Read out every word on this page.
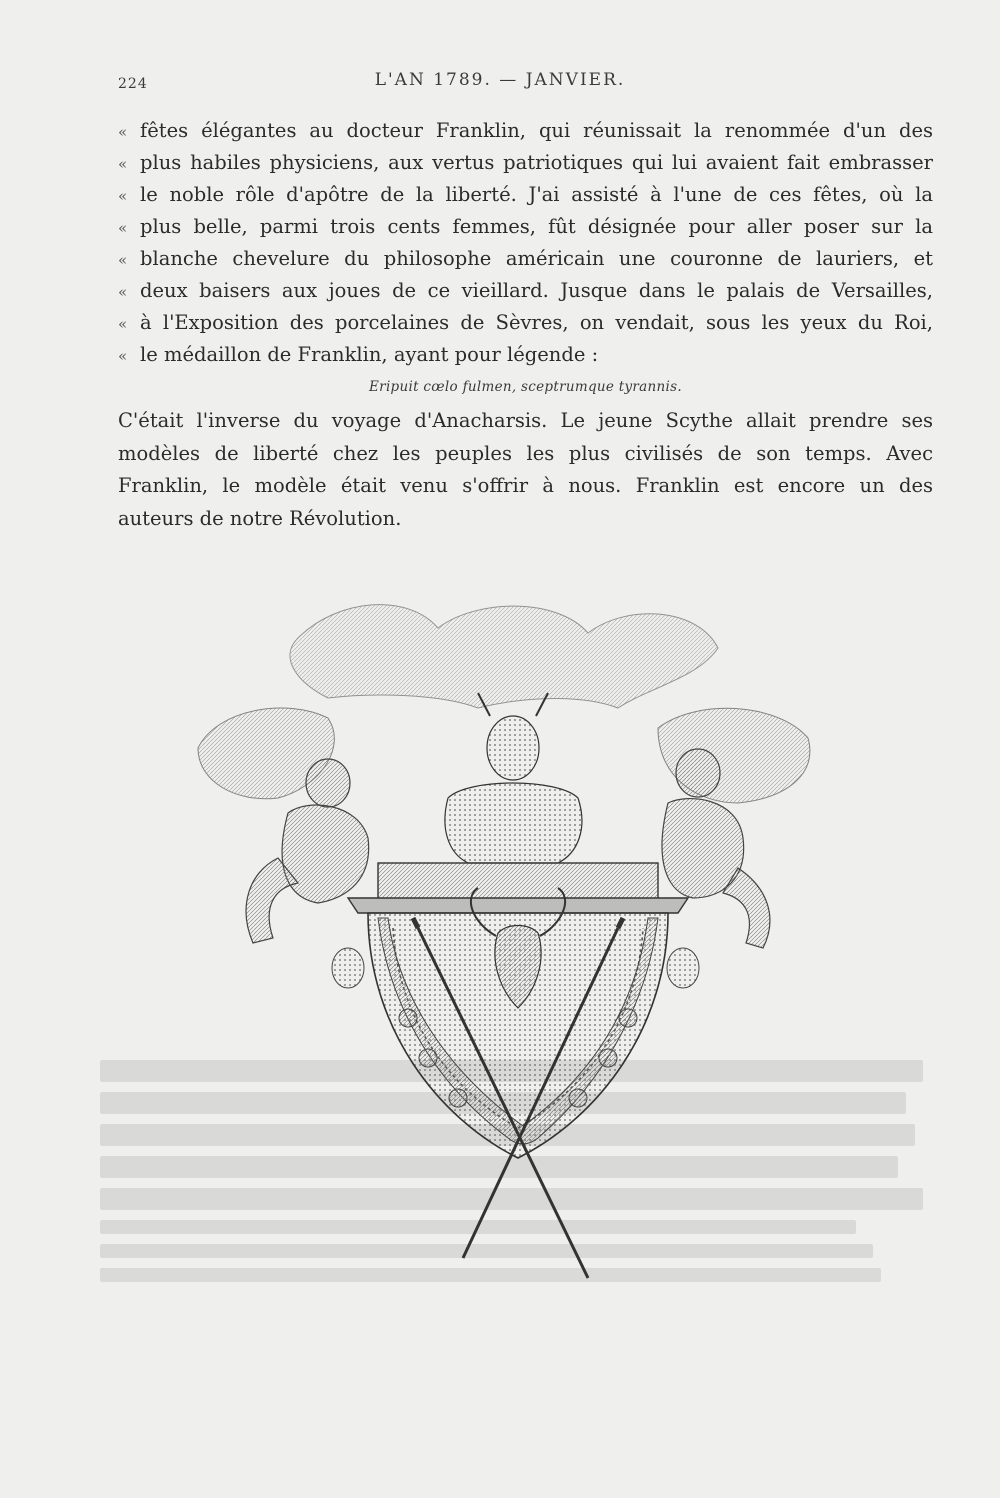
224	L'AN 1789. — JANVIER.
« fêtes élégantes au docteur Franklin, qui réunissait la renommée d'un des
« plus habiles physiciens, aux vertus patriotiques qui lui avaient fait embrasser
« le noble rôle d'apôtre de la liberté. J'ai assisté à l'une de ces fêtes, où la
« plus belle, parmi trois cents femmes, fût désignée pour aller poser sur la
« blanche chevelure du philosophe américain une couronne de lauriers, et
« deux baisers aux joues de ce vieillard. Jusque dans le palais de Versailles,
« à l'Exposition des porcelaines de Sèvres, on vendait, sous les yeux du Roi,
« le médaillon de Franklin, ayant pour légende :
Eripuit cœlo fulmen, sceptrumque tyrannis.
C'était l'inverse du voyage d'Anacharsis. Le jeune Scythe allait prendre ses
modèles de liberté chez les peuples les plus civilisés de son temps. Avec
Franklin, le modèle était venu s'offrir à nous. Franklin est encore un des
auteurs de notre Révolution.
